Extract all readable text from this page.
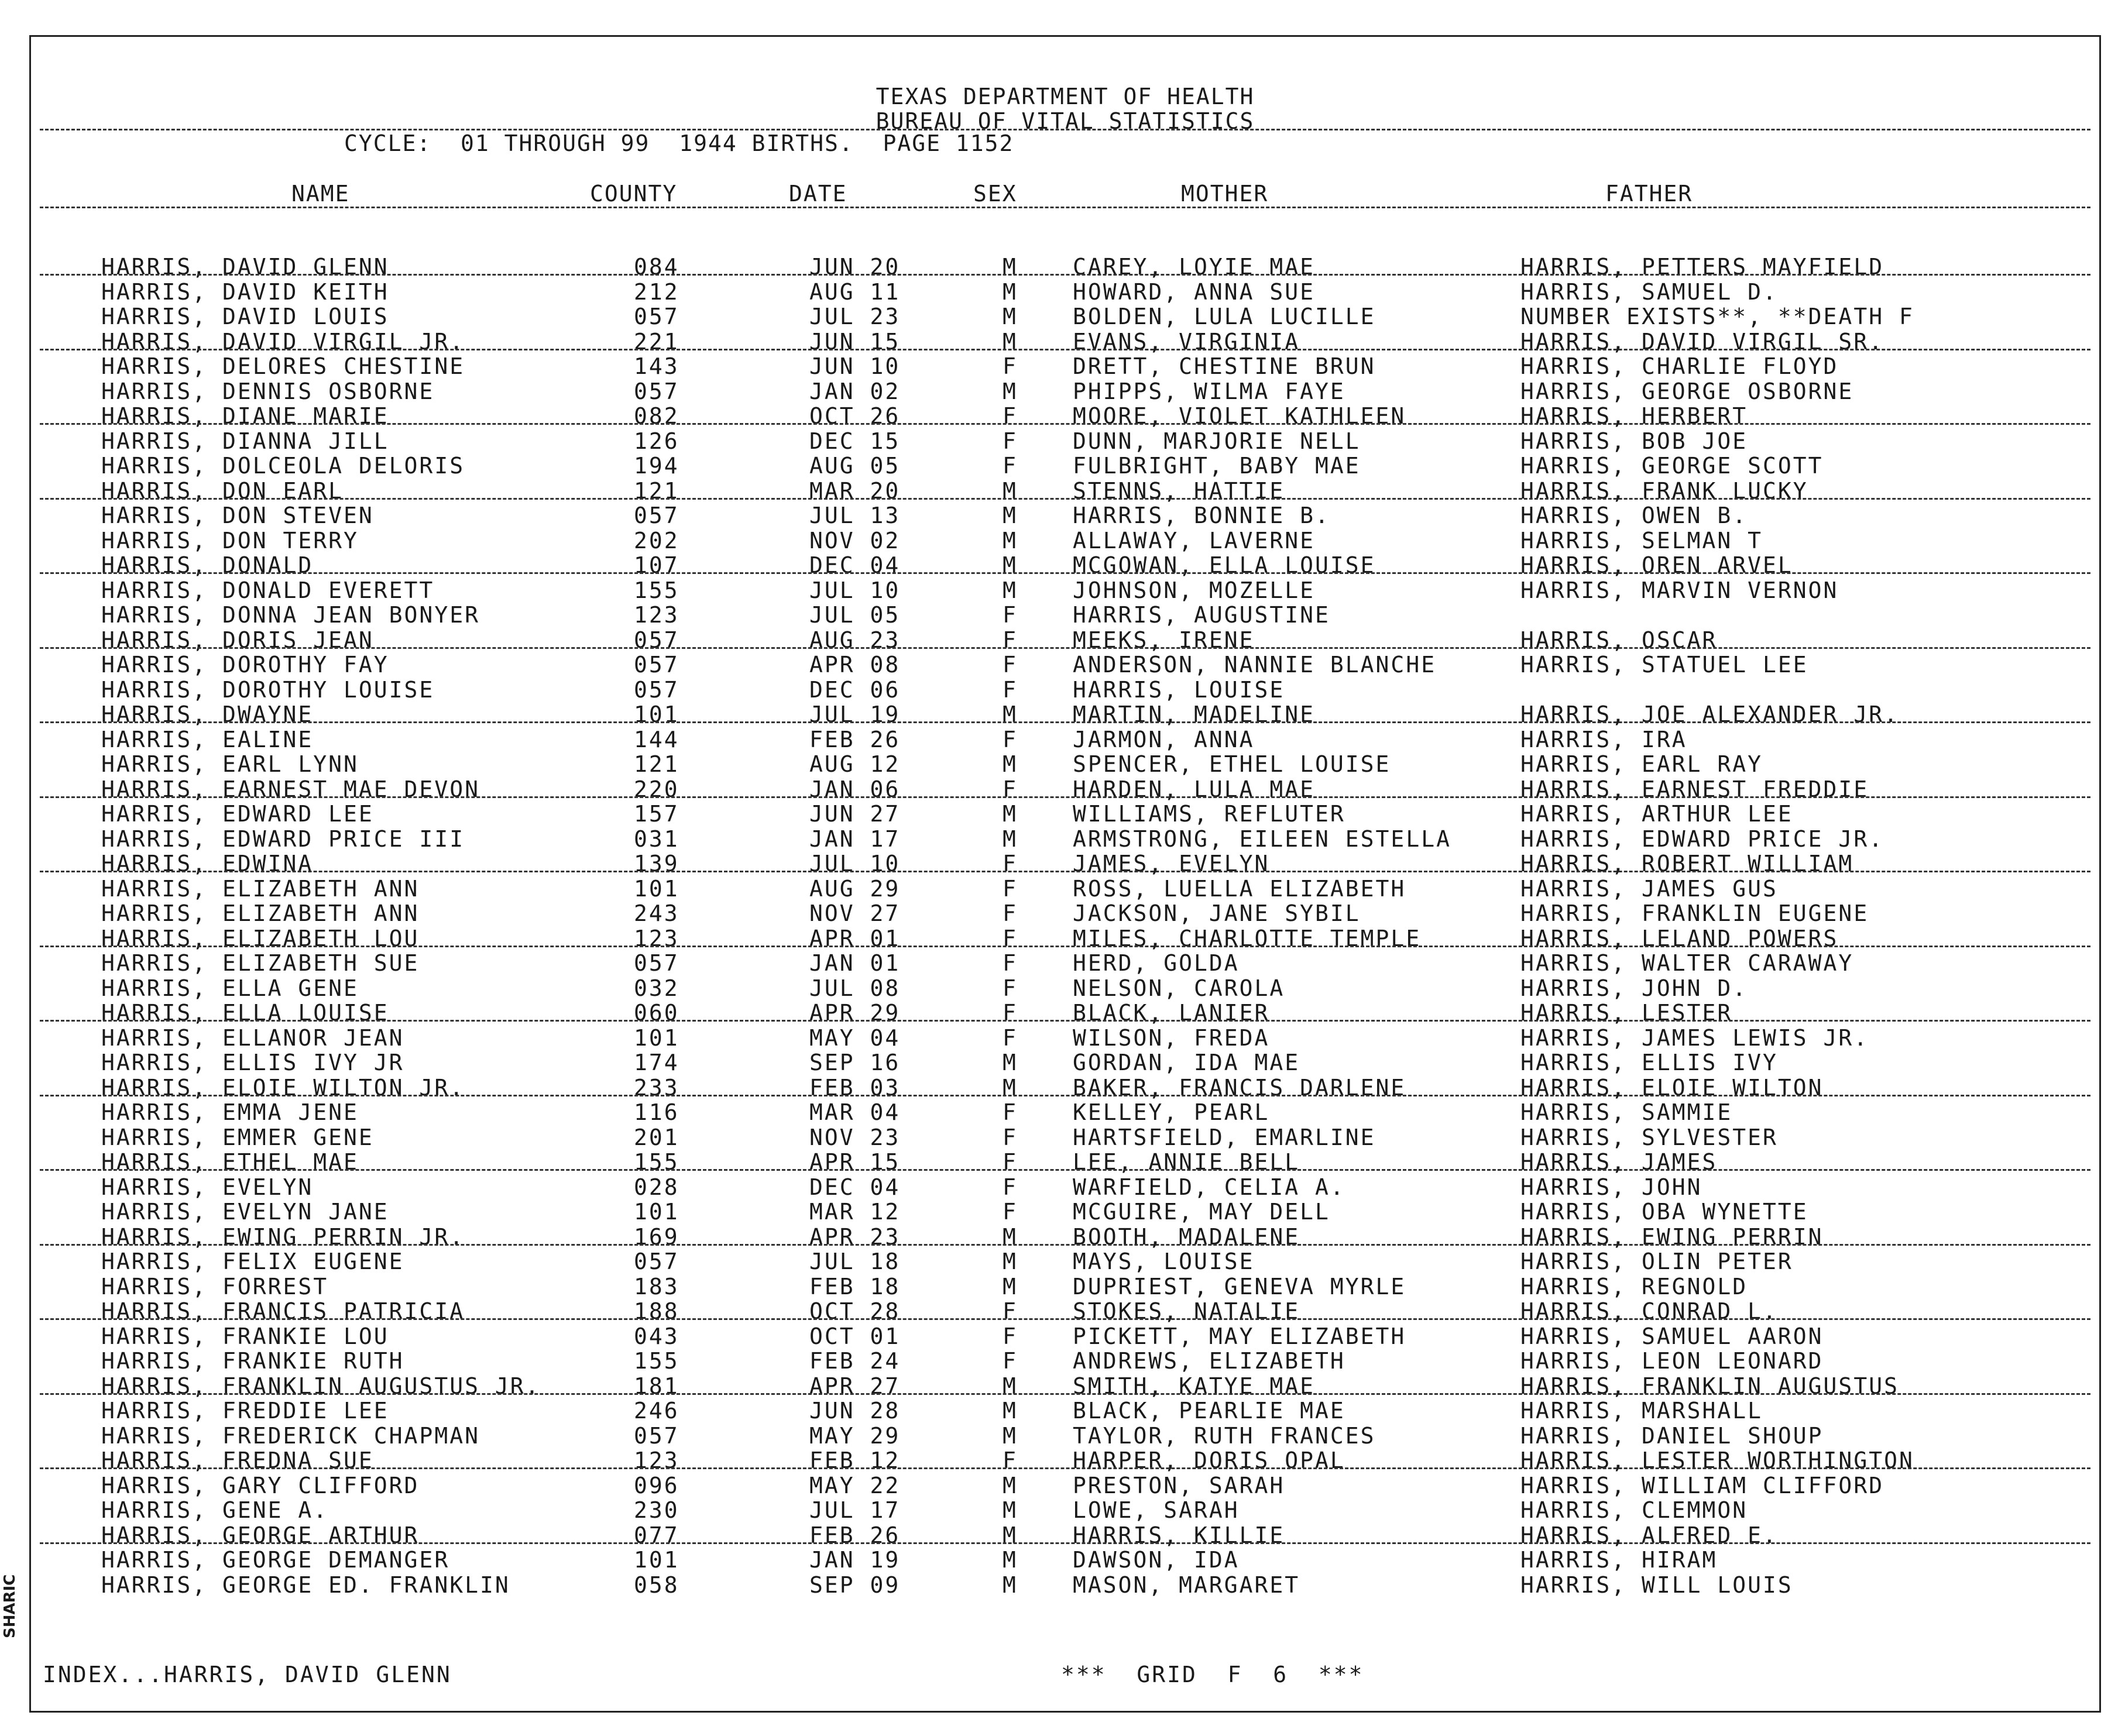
TEXAS DEPARTMENT OF HEALTH
BUREAU OF VITAL STATISTICS
CYCLE:  01 THROUGH 99  1944 BIRTHS.  PAGE 1152
NAME	COUNTY	DATE	SEX	MOTHER	FATHER
HARRIS, DAVID GLENN	084	JUN 20	M CAREY, LOYIE MAE	HARRIS, PETTERS MAYFIELD
HARRIS, DAVID KEITH	212	AUG 11	M HOWARD, ANNA SUE	HARRIS, SAMUEL D.
HARRIS, DAVID LOUIS	057	JUL 23	M BOLDEN, LULA LUCILLE	NUMBER EXISTS**, **DEATH F
HARRIS, DAVID VIRGIL JR.	221	JUN 15	M EVANS, VIRGINIA	HARRIS, DAVID VIRGIL SR.
HARRIS, DELORES CHESTINE	143	JUN 10	F DRETT, CHESTINE BRUN	HARRIS, CHARLIE FLOYD
HARRIS, DENNIS OSBORNE	057	JAN 02	M PHIPPS, WILMA FAYE	HARRIS, GEORGE OSBORNE
HARRIS, DIANE MARIE	082	OCT 26	F MOORE, VIOLET KATHLEEN	HARRIS, HERBERT
HARRIS, DIANNA JILL	126	DEC 15	F DUNN, MARJORIE NELL	HARRIS, BOB JOE
HARRIS, DOLCEOLA DELORIS	194	AUG 05	F FULBRIGHT, BABY MAE	HARRIS, GEORGE SCOTT
HARRIS, DON EARL	121	MAR 20	M STENNS, HATTIE	HARRIS, FRANK LUCKY
HARRIS, DON STEVEN	057	JUL 13	M HARRIS, BONNIE B.	HARRIS, OWEN B.
HARRIS, DON TERRY	202	NOV 02	M ALLAWAY, LAVERNE	HARRIS, SELMAN T
HARRIS, DONALD	107	DEC 04	M MCGOWAN, ELLA LOUISE	HARRIS, OREN ARVEL
HARRIS, DONALD EVERETT	155	JUL 10	M JOHNSON, MOZELLE	HARRIS, MARVIN VERNON
HARRIS, DONNA JEAN BONYER	123	JUL 05	F HARRIS, AUGUSTINE
HARRIS, DORIS JEAN	057	AUG 23	F MEEKS, IRENE	HARRIS, OSCAR
HARRIS, DOROTHY FAY	057	APR 08	F ANDERSON, NANNIE BLANCHE	HARRIS, STATUEL LEE
HARRIS, DOROTHY LOUISE	057	DEC 06	F HARRIS, LOUISE
HARRIS, DWAYNE	101	JUL 19	M MARTIN, MADELINE	HARRIS, JOE ALEXANDER JR.
HARRIS, EALINE	144	FEB 26	F JARMON, ANNA	HARRIS, IRA
HARRIS, EARL LYNN	121	AUG 12	M SPENCER, ETHEL LOUISE	HARRIS, EARL RAY
HARRIS, EARNEST MAE DEVON	220	JAN 06	F HARDEN, LULA MAE	HARRIS, EARNEST FREDDIE
HARRIS, EDWARD LEE	157	JUN 27	M WILLIAMS, REFLUTER	HARRIS, ARTHUR LEE
HARRIS, EDWARD PRICE III	031	JAN 17	M ARMSTRONG, EILEEN ESTELLA	HARRIS, EDWARD PRICE JR.
HARRIS, EDWINA	139	JUL 10	F JAMES, EVELYN	HARRIS, ROBERT WILLIAM
HARRIS, ELIZABETH ANN	101	AUG 29	F ROSS, LUELLA ELIZABETH	HARRIS, JAMES GUS
HARRIS, ELIZABETH ANN	243	NOV 27	F JACKSON, JANE SYBIL	HARRIS, FRANKLIN EUGENE
HARRIS, ELIZABETH LOU	123	APR 01	F MILES, CHARLOTTE TEMPLE	HARRIS, LELAND POWERS
HARRIS, ELIZABETH SUE	057	JAN 01	F HERD, GOLDA	HARRIS, WALTER CARAWAY
HARRIS, ELLA GENE	032	JUL 08	F NELSON, CAROLA	HARRIS, JOHN D.
HARRIS, ELLA LOUISE	060	APR 29	F BLACK, LANIER	HARRIS, LESTER
HARRIS, ELLANOR JEAN	101	MAY 04	F WILSON, FREDA	HARRIS, JAMES LEWIS JR.
HARRIS, ELLIS IVY JR	174	SEP 16	M GORDAN, IDA MAE	HARRIS, ELLIS IVY
HARRIS, ELOIE WILTON JR.	233	FEB 03	M BAKER, FRANCIS DARLENE	HARRIS, ELOIE WILTON
HARRIS, EMMA JENE	116	MAR 04	F KELLEY, PEARL	HARRIS, SAMMIE
HARRIS, EMMER GENE	201	NOV 23	F HARTSFIELD, EMARLINE	HARRIS, SYLVESTER
HARRIS, ETHEL MAE	155	APR 15	F LEE, ANNIE BELL	HARRIS, JAMES
HARRIS, EVELYN	028	DEC 04	F WARFIELD, CELIA A.	HARRIS, JOHN
HARRIS, EVELYN JANE	101	MAR 12	F MCGUIRE, MAY DELL	HARRIS, OBA WYNETTE
HARRIS, EWING PERRIN JR.	169	APR 23	M BOOTH, MADALENE	HARRIS, EWING PERRIN
HARRIS, FELIX EUGENE	057	JUL 18	M MAYS, LOUISE	HARRIS, OLIN PETER
HARRIS, FORREST	183	FEB 18	M DUPRIEST, GENEVA MYRLE	HARRIS, REGNOLD
HARRIS, FRANCIS PATRICIA	188	OCT 28	F STOKES, NATALIE	HARRIS, CONRAD L.
HARRIS, FRANKIE LOU	043	OCT 01	F PICKETT, MAY ELIZABETH	HARRIS, SAMUEL AARON
HARRIS, FRANKIE RUTH	155	FEB 24	F ANDREWS, ELIZABETH	HARRIS, LEON LEONARD
HARRIS, FRANKLIN AUGUSTUS JR.	181	APR 27	M SMITH, KATYE MAE	HARRIS, FRANKLIN AUGUSTUS
HARRIS, FREDDIE LEE	246	JUN 28	M BLACK, PEARLIE MAE	HARRIS, MARSHALL
HARRIS, FREDERICK CHAPMAN	057	MAY 29	M TAYLOR, RUTH FRANCES	HARRIS, DANIEL SHOUP
HARRIS, FREDNA SUE	123	FEB 12	F HARPER, DORIS OPAL	HARRIS, LESTER WORTHINGTON
HARRIS, GARY CLIFFORD	096	MAY 22	M PRESTON, SARAH	HARRIS, WILLIAM CLIFFORD
HARRIS, GENE A.	230	JUL 17	M LOWE, SARAH	HARRIS, CLEMMON
HARRIS, GEORGE ARTHUR	077	FEB 26	M HARRIS, KILLIE	HARRIS, ALFRED E.
HARRIS, GEORGE DEMANGER	101	JAN 19	M DAWSON, IDA	HARRIS, HIRAM
HARRIS, GEORGE ED. FRANKLIN	058	SEP 09	M MASON, MARGARET	HARRIS, WILL LOUIS
INDEX...HARRIS, DAVID GLENN	***  GRID  F  6  ***
SHARIC
